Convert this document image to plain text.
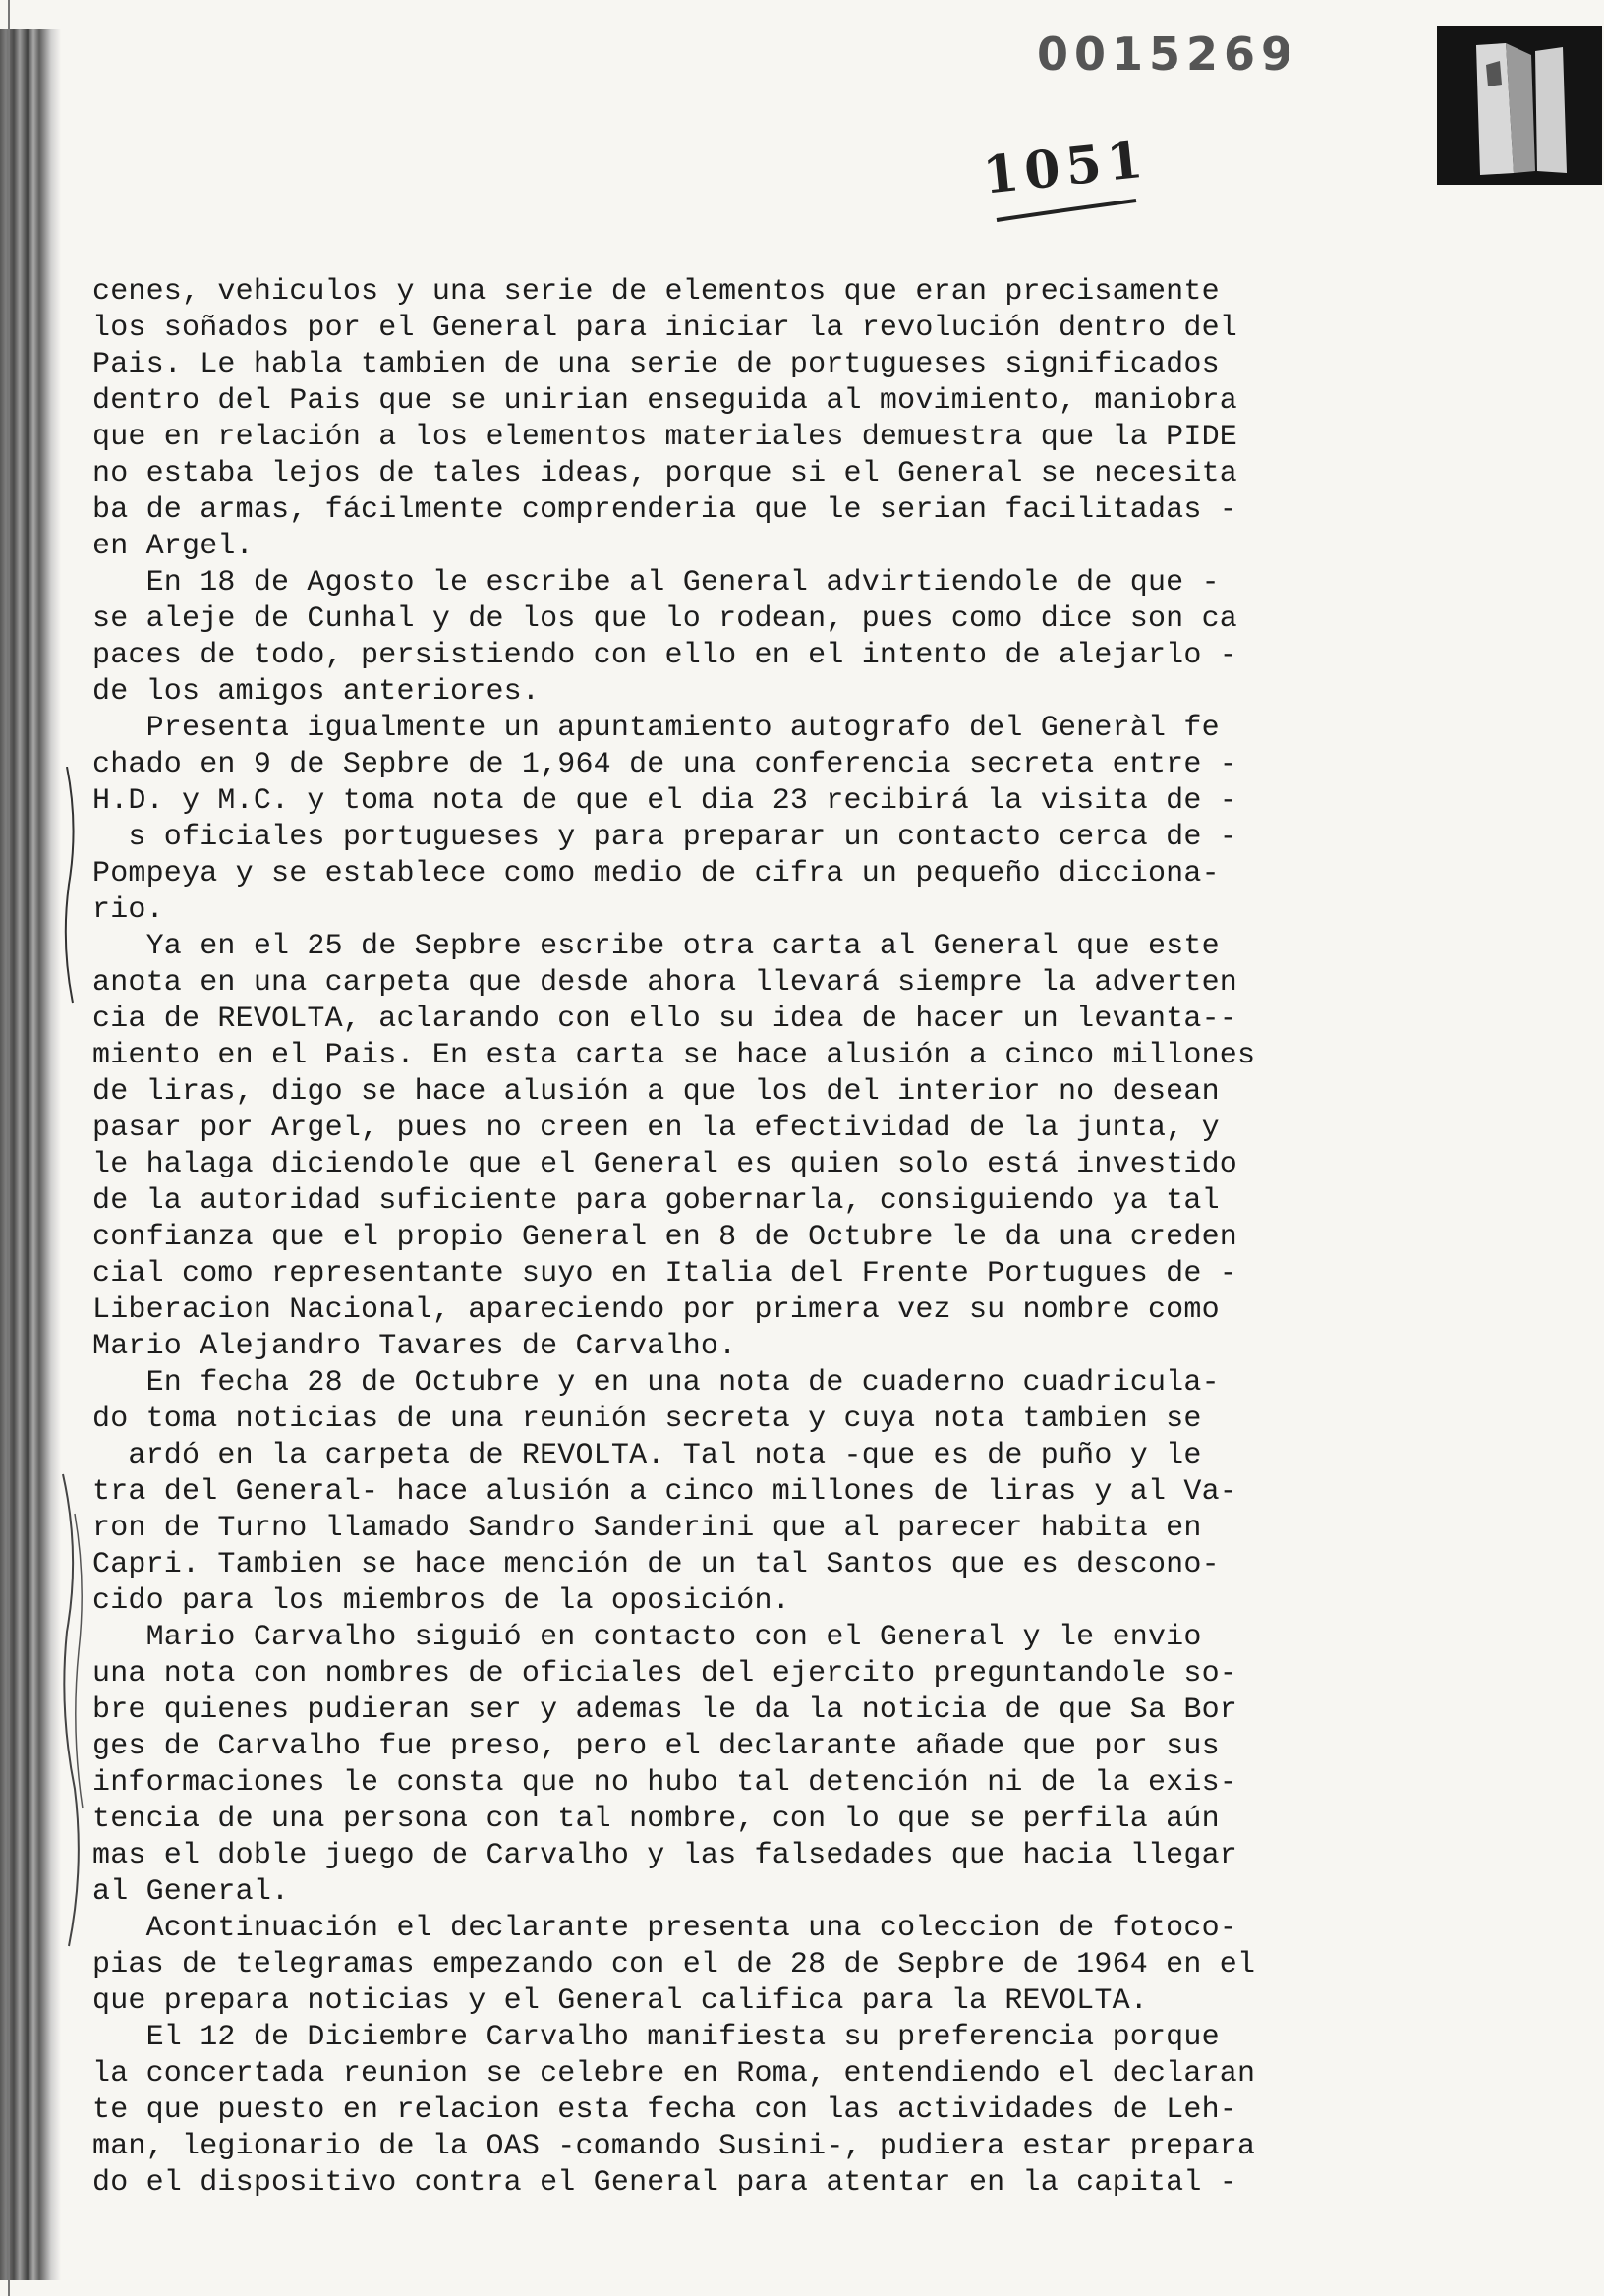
0015269
1051
cenes, vehiculos y una serie de elementos que eran precisamente
los soñados por el General para iniciar la revolución dentro del
Pais. Le habla tambien de una serie de portugueses significados
dentro del Pais que se unirian enseguida al movimiento, maniobra
que en relación a los elementos materiales demuestra que la PIDE
no estaba lejos de tales ideas, porque si el General se necesita
ba de armas, fácilmente comprenderia que le serian facilitadas -
en Argel.
En 18 de Agosto le escribe al General advirtiendole de que -
se aleje de Cunhal y de los que lo rodean, pues como dice son ca
paces de todo, persistiendo con ello en el intento de alejarlo -
de los amigos anteriores.
Presenta igualmente un apuntamiento autografo del Generàl fe
chado en 9 de Sepbre de 1,964 de una conferencia secreta entre -
H.D. y M.C. y toma nota de que el dia 23 recibirá la visita de -
s oficiales portugueses y para preparar un contacto cerca de -
Pompeya y se establece como medio de cifra un pequeño dicciona-
rio.
Ya en el 25 de Sepbre escribe otra carta al General que este
anota en una carpeta que desde ahora llevará siempre la adverten
cia de REVOLTA, aclarando con ello su idea de hacer un levanta--
miento en el Pais. En esta carta se hace alusión a cinco millones
de liras, digo se hace alusión a que los del interior no desean
pasar por Argel, pues no creen en la efectividad de la junta, y
le halaga diciendole que el General es quien solo está investido
de la autoridad suficiente para gobernarla, consiguiendo ya tal
confianza que el propio General en 8 de Octubre le da una creden
cial como representante suyo en Italia del Frente Portugues de -
Liberacion Nacional, apareciendo por primera vez su nombre como
Mario Alejandro Tavares de Carvalho.
En fecha 28 de Octubre y en una nota de cuaderno cuadricula-
do toma noticias de una reunión secreta y cuya nota tambien se
ardó en la carpeta de REVOLTA. Tal nota -que es de puño y le
tra del General- hace alusión a cinco millones de liras y al Va-
ron de Turno llamado Sandro Sanderini que al parecer habita en
Capri. Tambien se hace mención de un tal Santos que es descono-
cido para los miembros de la oposición.
Mario Carvalho siguió en contacto con el General y le envio
una nota con nombres de oficiales del ejercito preguntandole so-
bre quienes pudieran ser y ademas le da la noticia de que Sa Bor
ges de Carvalho fue preso, pero el declarante añade que por sus
informaciones le consta que no hubo tal detención ni de la exis-
tencia de una persona con tal nombre, con lo que se perfila aún
mas el doble juego de Carvalho y las falsedades que hacia llegar
al General.
Acontinuación el declarante presenta una coleccion de fotoco-
pias de telegramas empezando con el de 28 de Sepbre de 1964 en el
que prepara noticias y el General califica para la REVOLTA.
El 12 de Diciembre Carvalho manifiesta su preferencia porque
la concertada reunion se celebre en Roma, entendiendo el declaran
te que puesto en relacion esta fecha con las actividades de Leh-
man, legionario de la OAS -comando Susini-, pudiera estar prepara
do el dispositivo contra el General para atentar en la capital -
